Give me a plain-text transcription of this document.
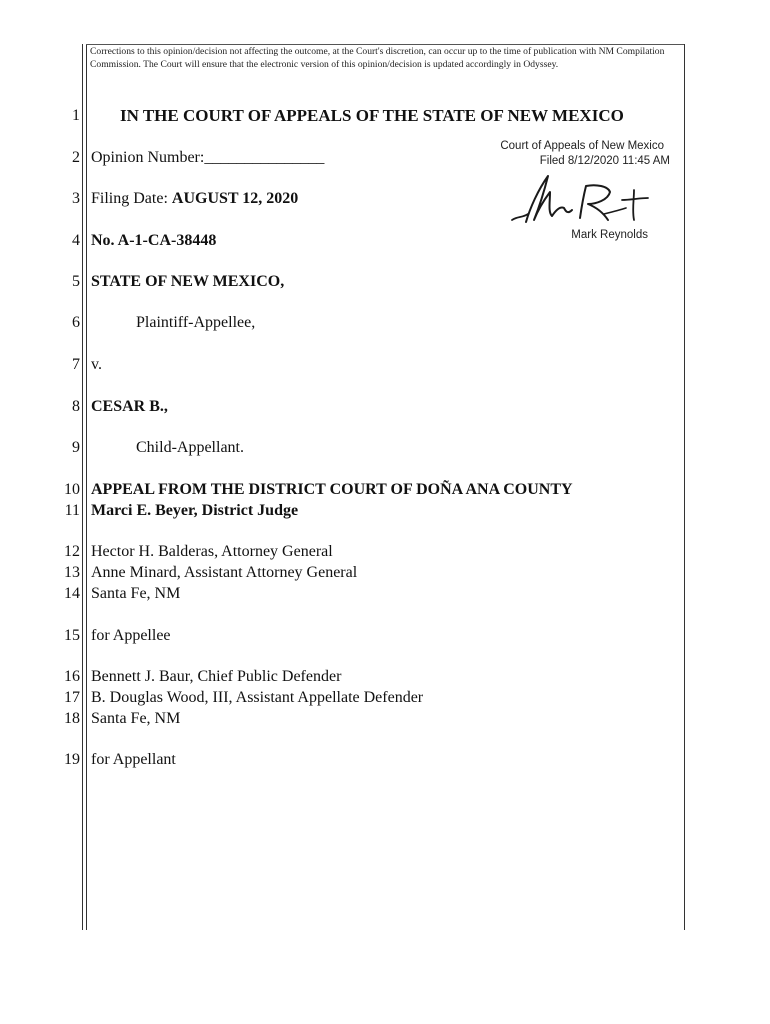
Corrections to this opinion/decision not affecting the outcome, at the Court's discretion, can occur up to the time of publication with NM Compilation Commission. The Court will ensure that the electronic version of this opinion/decision is updated accordingly in Odyssey.
1 IN THE COURT OF APPEALS OF THE STATE OF NEW MEXICO
2 Opinion Number:_______________
3 Filing Date: AUGUST 12, 2020
4 No. A-1-CA-38448
5 STATE OF NEW MEXICO,
6	Plaintiff-Appellee,
7 v.
8 CESAR B.,
9	Child-Appellant.
10 APPEAL FROM THE DISTRICT COURT OF DOÑA ANA COUNTY
11 Marci E. Beyer, District Judge
12 Hector H. Balderas, Attorney General
13 Anne Minard, Assistant Attorney General
14 Santa Fe, NM
15 for Appellee
16 Bennett J. Baur, Chief Public Defender
17 B. Douglas Wood, III, Assistant Appellate Defender
18 Santa Fe, NM
19 for Appellant
Court of Appeals of New Mexico
Filed 8/12/2020 11:45 AM
Mark Reynolds
